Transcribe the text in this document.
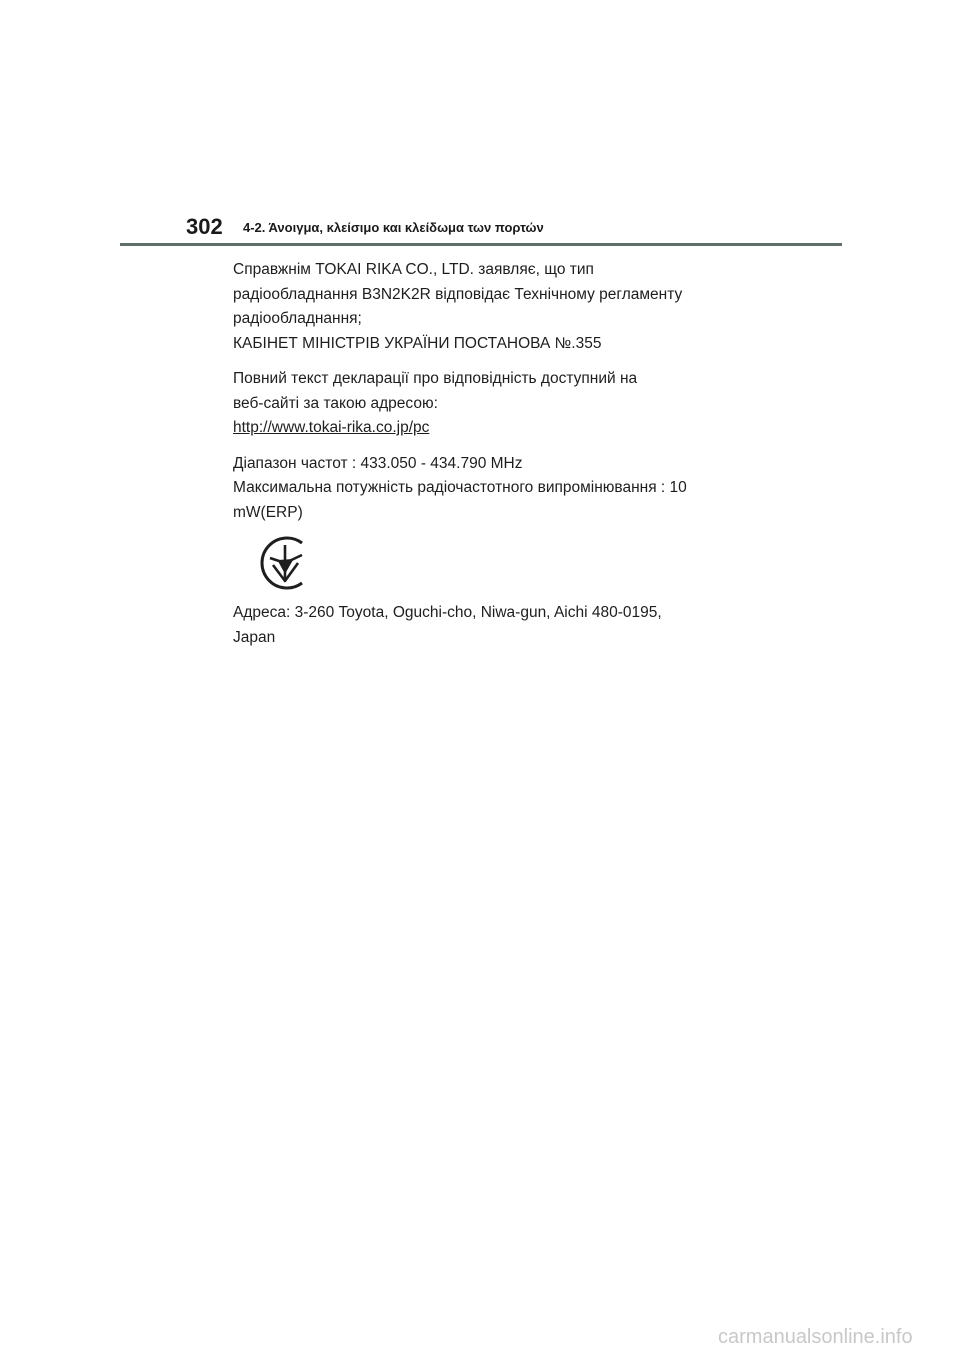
302 4-2. Άνοιγμα, κλείσιμο και κλείδωμα των πορτών

Справжнім TOKAI RIKA CO., LTD. заявляє, що тип

радіообладнання B3N2K2R відповідає Технічному регламенту

радіообладнання;

КАБІНЕТ МІНІСТРІВ УКРАЇНИ ПОСТАНОВА №.355

Повний текст декларації про відповідність доступний на

веб-сайті за такою адресою:

http://www.tokai-rika.co.jp/pc

Діапазон частот : 433.050 - 434.790 MHz

Максимальна потужність радіочастотного випромінювання : 10

mW(ERP)

Адреса: 3-260 Toyota, Oguchi-cho, Niwa-gun, Aichi 480-0195,

Japan

carmanualsonline.info
